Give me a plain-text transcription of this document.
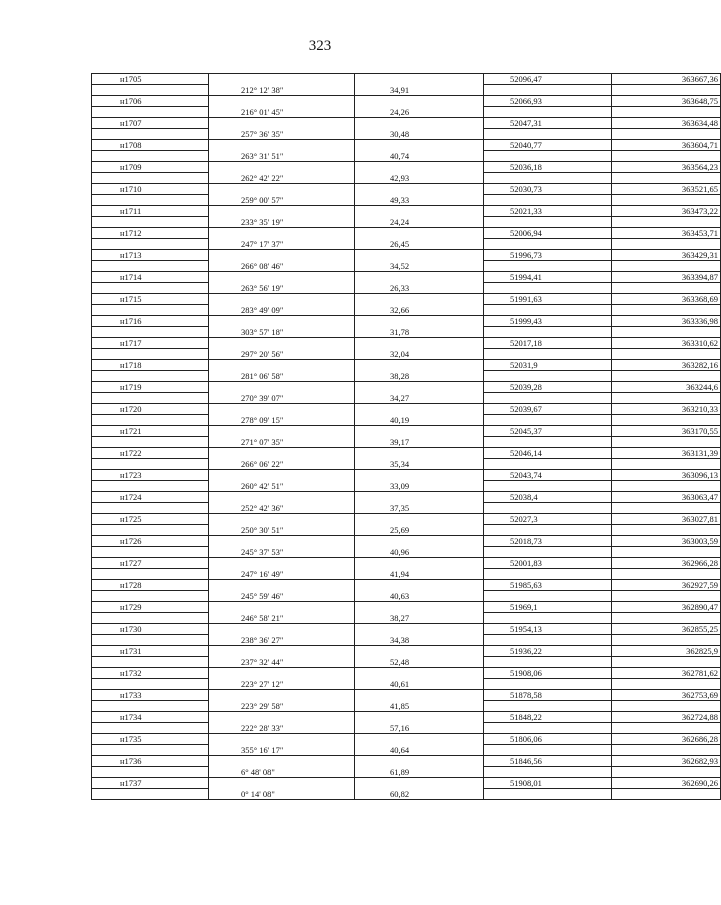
323
н1705			52096,47	363667,36
	212° 12' 38"	34,91		
н1706			52066,93	363648,75
	216° 01' 45"	24,26		
н1707			52047,31	363634,48
	257° 36' 35"	30,48		
н1708			52040,77	363604,71
	263° 31' 51"	40,74		
н1709			52036,18	363564,23
	262° 42' 22"	42,93		
н1710			52030,73	363521,65
	259° 00' 57"	49,33		
н1711			52021,33	363473,22
	233° 35' 19"	24,24		
н1712			52006,94	363453,71
	247° 17' 37"	26,45		
н1713			51996,73	363429,31
	266° 08' 46"	34,52		
н1714			51994,41	363394,87
	263° 56' 19"	26,33		
н1715			51991,63	363368,69
	283° 49' 09"	32,66		
н1716			51999,43	363336,98
	303° 57' 18"	31,78		
н1717			52017,18	363310,62
	297° 20' 56"	32,04		
н1718			52031,9	363282,16
	281° 06' 58"	38,28		
н1719			52039,28	363244,6
	270° 39' 07"	34,27		
н1720			52039,67	363210,33
	278° 09' 15"	40,19		
н1721			52045,37	363170,55
	271° 07' 35"	39,17		
н1722			52046,14	363131,39
	266° 06' 22"	35,34		
н1723			52043,74	363096,13
	260° 42' 51"	33,09		
н1724			52038,4	363063,47
	252° 42' 36"	37,35		
н1725			52027,3	363027,81
	250° 30' 51"	25,69		
н1726			52018,73	363003,59
	245° 37' 53"	40,96		
н1727			52001,83	362966,28
	247° 16' 49"	41,94		
н1728			51985,63	362927,59
	245° 59' 46"	40,63		
н1729			51969,1	362890,47
	246° 58' 21"	38,27		
н1730			51954,13	362855,25
	238° 36' 27"	34,38		
н1731			51936,22	362825,9
	237° 32' 44"	52,48		
н1732			51908,06	362781,62
	223° 27' 12"	40,61		
н1733			51878,58	362753,69
	223° 29' 58"	41,85		
н1734			51848,22	362724,88
	222° 28' 33"	57,16		
н1735			51806,06	362686,28
	355° 16' 17"	40,64		
н1736			51846,56	362682,93
	6° 48' 08"	61,89		
н1737			51908,01	362690,26
	0° 14' 08"	60,82		
